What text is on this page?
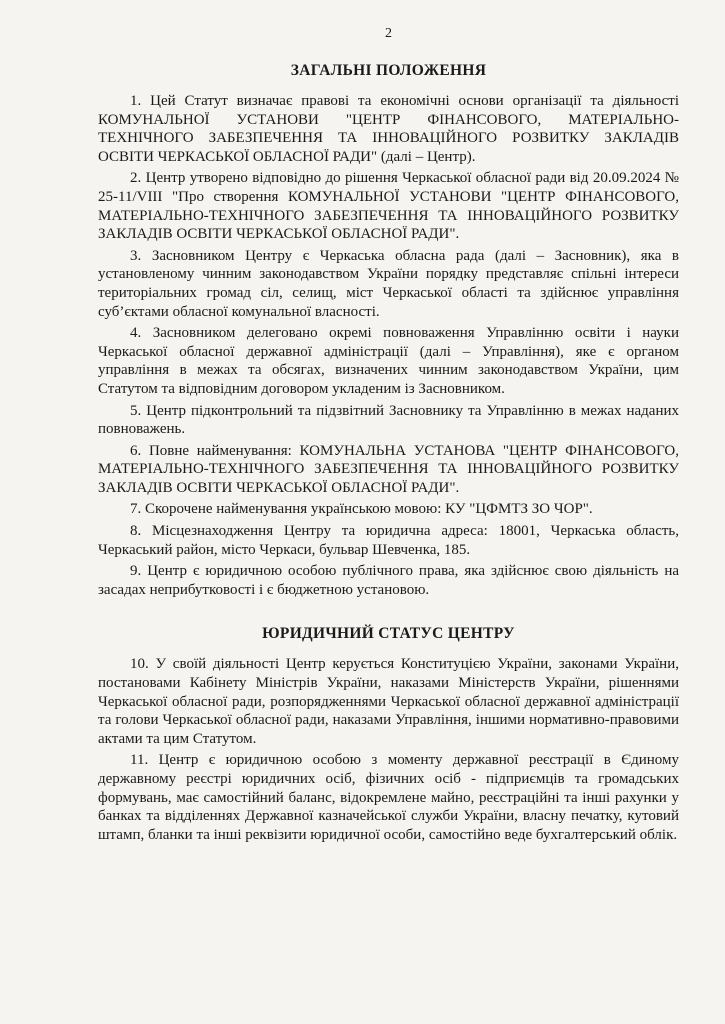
2
ЗАГАЛЬНІ ПОЛОЖЕННЯ

1. Цей Статут визначає правові та економічні основи організації та діяльності КОМУНАЛЬНОЇ УСТАНОВИ "ЦЕНТР ФІНАНСОВОГО, МАТЕРІАЛЬНО-ТЕХНІЧНОГО ЗАБЕЗПЕЧЕННЯ ТА ІННОВАЦІЙНОГО РОЗВИТКУ ЗАКЛАДІВ ОСВІТИ ЧЕРКАСЬКОЇ ОБЛАСНОЇ РАДИ" (далі – Центр).

2. Центр утворено відповідно до рішення Черкаської обласної ради від 20.09.2024 № 25-11/VIII "Про створення КОМУНАЛЬНОЇ УСТАНОВИ "ЦЕНТР ФІНАНСОВОГО, МАТЕРІАЛЬНО-ТЕХНІЧНОГО ЗАБЕЗПЕЧЕННЯ ТА ІННОВАЦІЙНОГО РОЗВИТКУ ЗАКЛАДІВ ОСВІТИ ЧЕРКАСЬКОЇ ОБЛАСНОЇ РАДИ".

3. Засновником Центру є Черкаська обласна рада (далі – Засновник), яка в установленому чинним законодавством України порядку представляє спільні інтереси територіальних громад сіл, селищ, міст Черкаської області та здійснює управління суб’єктами обласної комунальної власності.

4. Засновником делеговано окремі повноваження Управлінню освіти і науки Черкаської обласної державної адміністрації (далі – Управління), яке є органом управління в межах та обсягах, визначених чинним законодавством України, цим Статутом та відповідним договором укладеним із Засновником.

5. Центр підконтрольний та підзвітний Засновнику та Управлінню в межах наданих повноважень.

6. Повне найменування: КОМУНАЛЬНА УСТАНОВА "ЦЕНТР ФІНАНСОВОГО, МАТЕРІАЛЬНО-ТЕХНІЧНОГО ЗАБЕЗПЕЧЕННЯ ТА ІННОВАЦІЙНОГО РОЗВИТКУ ЗАКЛАДІВ ОСВІТИ ЧЕРКАСЬКОЇ ОБЛАСНОЇ РАДИ".

7. Скорочене найменування українською мовою: КУ "ЦФМТЗ ЗО ЧОР".

8. Місцезнаходження Центру та юридична адреса: 18001, Черкаська область, Черкаський район, місто Черкаси, бульвар Шевченка, 185.

9. Центр є юридичною особою публічного права, яка здійснює свою діяльність на засадах неприбутковості і є бюджетною установою.

ЮРИДИЧНИЙ СТАТУС ЦЕНТРУ

10. У своїй діяльності Центр керується Конституцією України, законами України, постановами Кабінету Міністрів України, наказами Міністерств України, рішеннями Черкаської обласної ради, розпорядженнями Черкаської обласної державної адміністрації та голови Черкаської обласної ради, наказами Управління, іншими нормативно-правовими актами та цим Статутом.

11. Центр є юридичною особою з моменту державної реєстрації в Єдиному державному реєстрі юридичних осіб, фізичних осіб - підприємців та громадських формувань, має самостійний баланс, відокремлене майно, реєстраційні та інші рахунки у банках та відділеннях Державної казначейської служби України, власну печатку, кутовий штамп, бланки та інші реквізити юридичної особи, самостійно веде бухгалтерський облік.
